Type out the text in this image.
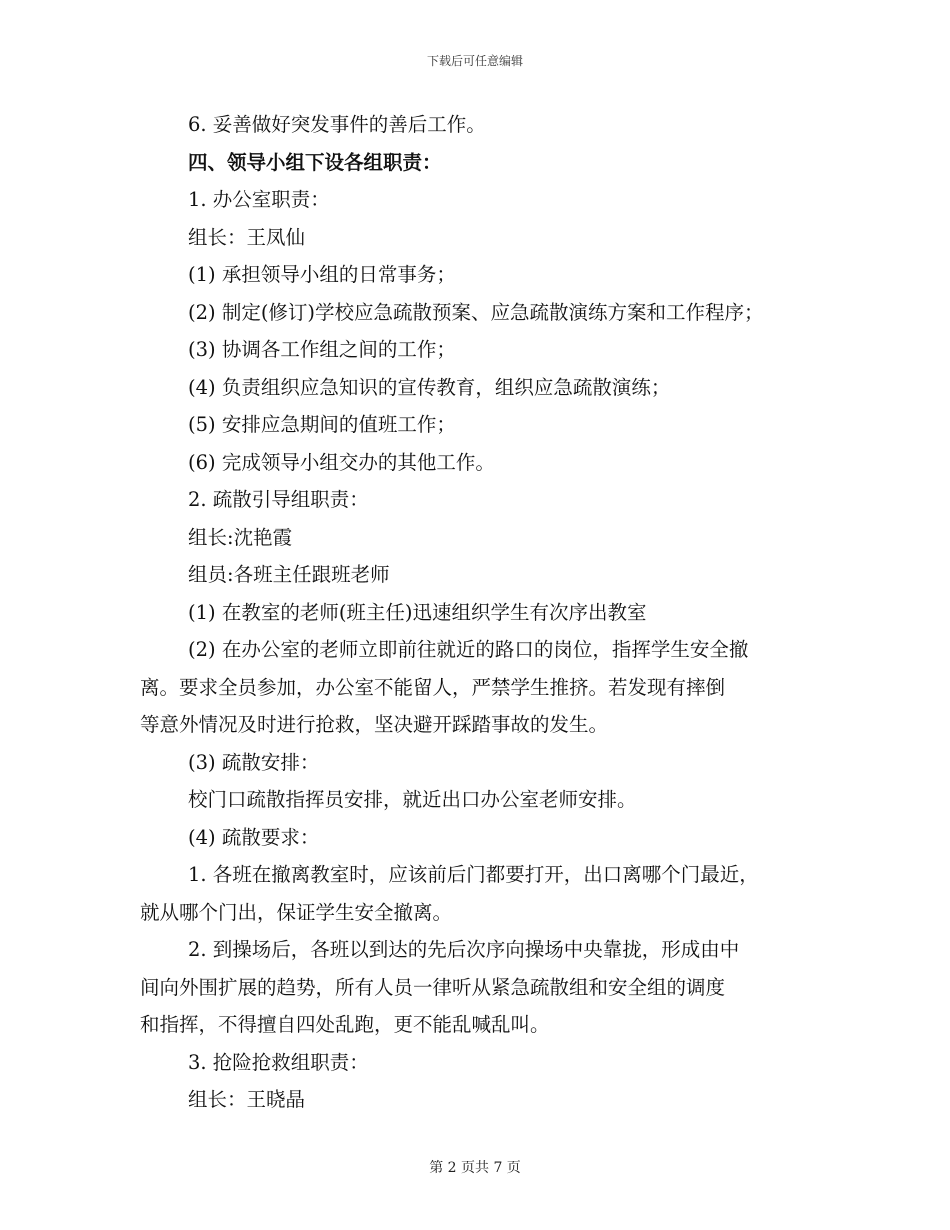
下载后可任意编辑
6. 妥善做好突发事件的善后工作。
四、领导小组下设各组职责：
1. 办公室职责：
组长：王凤仙
(1) 承担领导小组的日常事务；
(2) 制定(修订)学校应急疏散预案、应急疏散演练方案和工作程序；
(3) 协调各工作组之间的工作；
(4) 负责组织应急知识的宣传教育，组织应急疏散演练；
(5) 安排应急期间的值班工作；
(6) 完成领导小组交办的其他工作。
2. 疏散引导组职责：
组长:沈艳霞
组员:各班主任跟班老师
(1) 在教室的老师(班主任)迅速组织学生有次序出教室
(2) 在办公室的老师立即前往就近的路口的岗位，指挥学生安全撤
离。要求全员参加，办公室不能留人，严禁学生推挤。若发现有摔倒
等意外情况及时进行抢救，坚决避开踩踏事故的发生。
(3) 疏散安排：
校门口疏散指挥员安排，就近出口办公室老师安排。
(4) 疏散要求：
1. 各班在撤离教室时，应该前后门都要打开，出口离哪个门最近，
就从哪个门出，保证学生安全撤离。
2. 到操场后，各班以到达的先后次序向操场中央靠拢，形成由中
间向外围扩展的趋势，所有人员一律听从紧急疏散组和安全组的调度
和指挥，不得擅自四处乱跑，更不能乱喊乱叫。
3. 抢险抢救组职责：
组长：王晓晶
第 2 页共 7 页
